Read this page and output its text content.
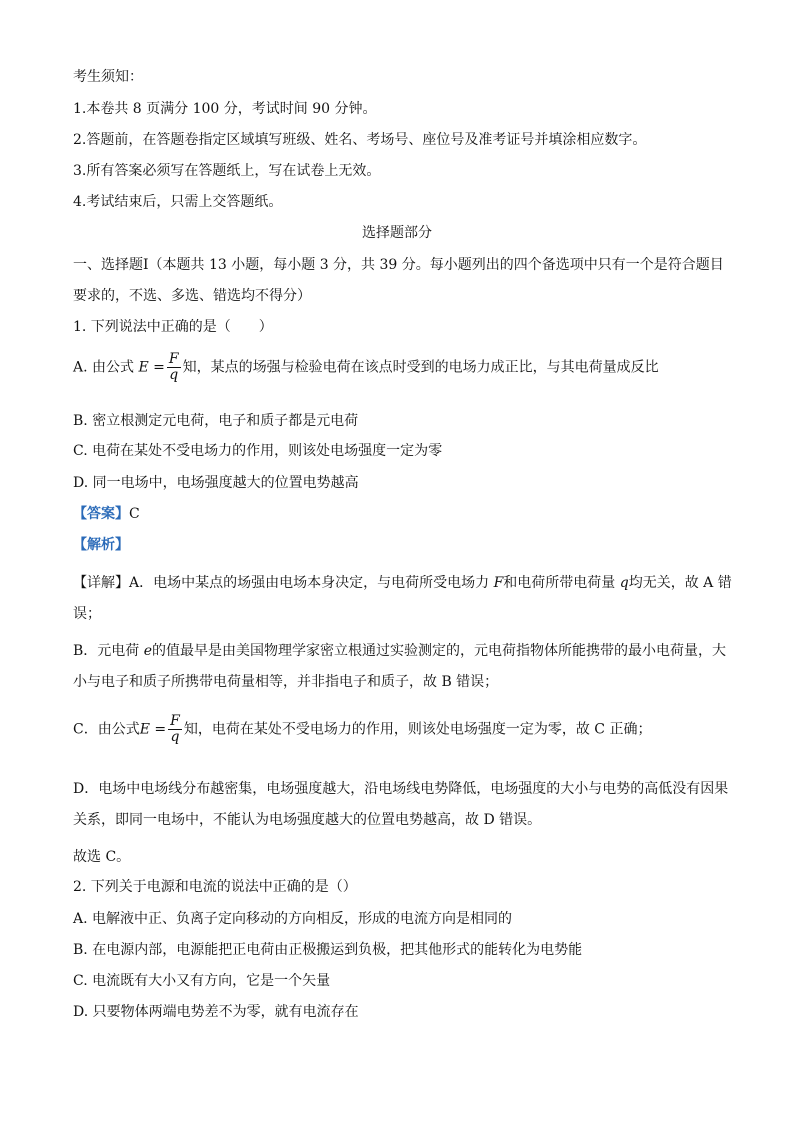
考生须知：
1.本卷共 8 页满分 100 分，考试时间 90 分钟。
2.答题前，在答题卷指定区域填写班级、姓名、考场号、座位号及准考证号并填涂相应数字。
3.所有答案必须写在答题纸上，写在试卷上无效。
4.考试结束后，只需上交答题纸。
选择题部分
一、选择题Ⅰ（本题共 13 小题，每小题 3 分，共 39 分。每小题列出的四个备选项中只有一个是符合题目
要求的，不选、多选、错选均不得分）
1. 下列说法中正确的是（　　）
A. 由公式 $E = \frac{F}{q}$ 知，某点的场强与检验电荷在该点时受到的电场力成正比，与其电荷量成反比
B. 密立根测定元电荷，电子和质子都是元电荷
C. 电荷在某处不受电场力的作用，则该处电场强度一定为零
D. 同一电场中，电场强度越大的位置电势越高
【答案】C
【解析】
【详解】A．电场中某点的场强由电场本身决定，与电荷所受电场力 F和电荷所带电荷量 q均无关，故 A 错
误；
B．元电荷 e的值最早是由美国物理学家密立根通过实验测定的，元电荷指物体所能携带的最小电荷量，大
小与电子和质子所携带电荷量相等，并非指电子和质子，故 B 错误；
C．由公式$E = \frac{F}{q}$ 知，电荷在某处不受电场力的作用，则该处电场强度一定为零，故 C 正确；
D．电场中电场线分布越密集，电场强度越大，沿电场线电势降低，电场强度的大小与电势的高低没有因果
关系，即同一电场中，不能认为电场强度越大的位置电势越高，故 D 错误。
故选 C。
2. 下列关于电源和电流的说法中正确的是（）
A. 电解液中正、负离子定向移动的方向相反，形成的电流方向是相同的
B. 在电源内部，电源能把正电荷由正极搬运到负极，把其他形式的能转化为电势能
C. 电流既有大小又有方向，它是一个矢量
D. 只要物体两端电势差不为零，就有电流存在
